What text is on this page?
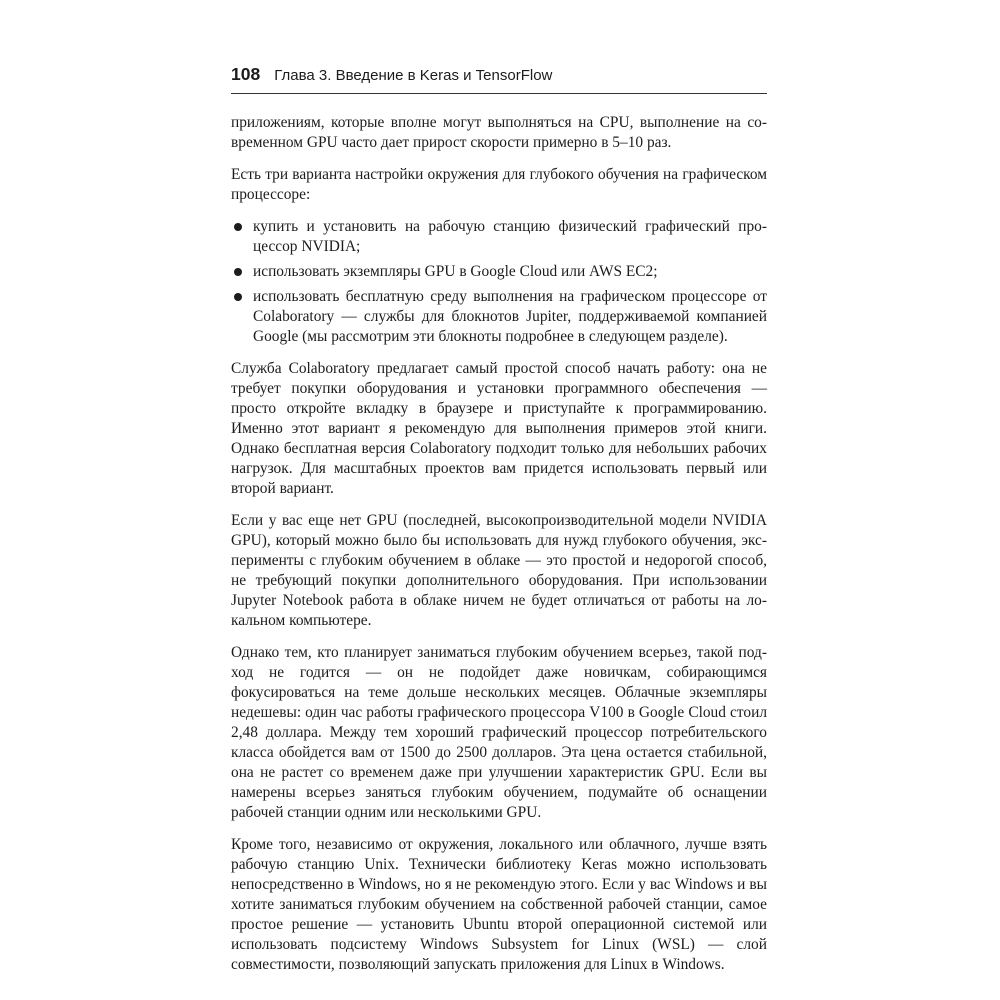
108 Глава 3. Введение в Keras и TensorFlow

приложениям, которые вполне могут выполняться на CPU, выполнение на современном GPU часто дает прирост скорости примерно в 5–10 раз.

Есть три варианта настройки окружения для глубокого обучения на графическом процессоре:

купить и установить на рабочую станцию физический графический процессор NVIDIA;
использовать экземпляры GPU в Google Cloud или AWS EC2;
использовать бесплатную среду выполнения на графическом процессоре от Colaboratory — службы для блокнотов Jupiter, поддерживаемой компанией Google (мы рассмотрим эти блокноты подробнее в следующем разделе).

Служба Colaboratory предлагает самый простой способ начать работу: она не требует покупки оборудования и установки программного обеспечения — просто откройте вкладку в браузере и приступайте к программированию. Именно этот вариант я рекомендую для выполнения примеров этой книги. Однако бесплатная версия Colaboratory подходит только для небольших рабочих нагрузок. Для масштабных проектов вам придется использовать первый или второй вариант.

Если у вас еще нет GPU (последней, высокопроизводительной модели NVIDIA GPU), который можно было бы использовать для нужд глубокого обучения, эксперименты с глубоким обучением в облаке — это простой и недорогой способ, не требующий покупки дополнительного оборудования. При использовании Jupyter Notebook работа в облаке ничем не будет отличаться от работы на локальном компьютере.

Однако тем, кто планирует заниматься глубоким обучением всерьез, такой подход не годится — он не подойдет даже новичкам, собирающимся фокусироваться на теме дольше нескольких месяцев. Облачные экземпляры недешевы: один час работы графического процессора V100 в Google Cloud стоил 2,48 доллара. Между тем хороший графический процессор потребительского класса обойдется вам от 1500 до 2500 долларов. Эта цена остается стабильной, она не растет со временем даже при улучшении характеристик GPU. Если вы намерены всерьез заняться глубоким обучением, подумайте об оснащении рабочей станции одним или несколькими GPU.

Кроме того, независимо от окружения, локального или облачного, лучше взять рабочую станцию Unix. Технически библиотеку Keras можно использовать непосредственно в Windows, но я не рекомендую этого. Если у вас Windows и вы хотите заниматься глубоким обучением на собственной рабочей станции, самое простое решение — установить Ubuntu второй операционной системой или использовать подсистему Windows Subsystem for Linux (WSL) — слой совместимости, позволяющий запускать приложения для Linux в Windows.
